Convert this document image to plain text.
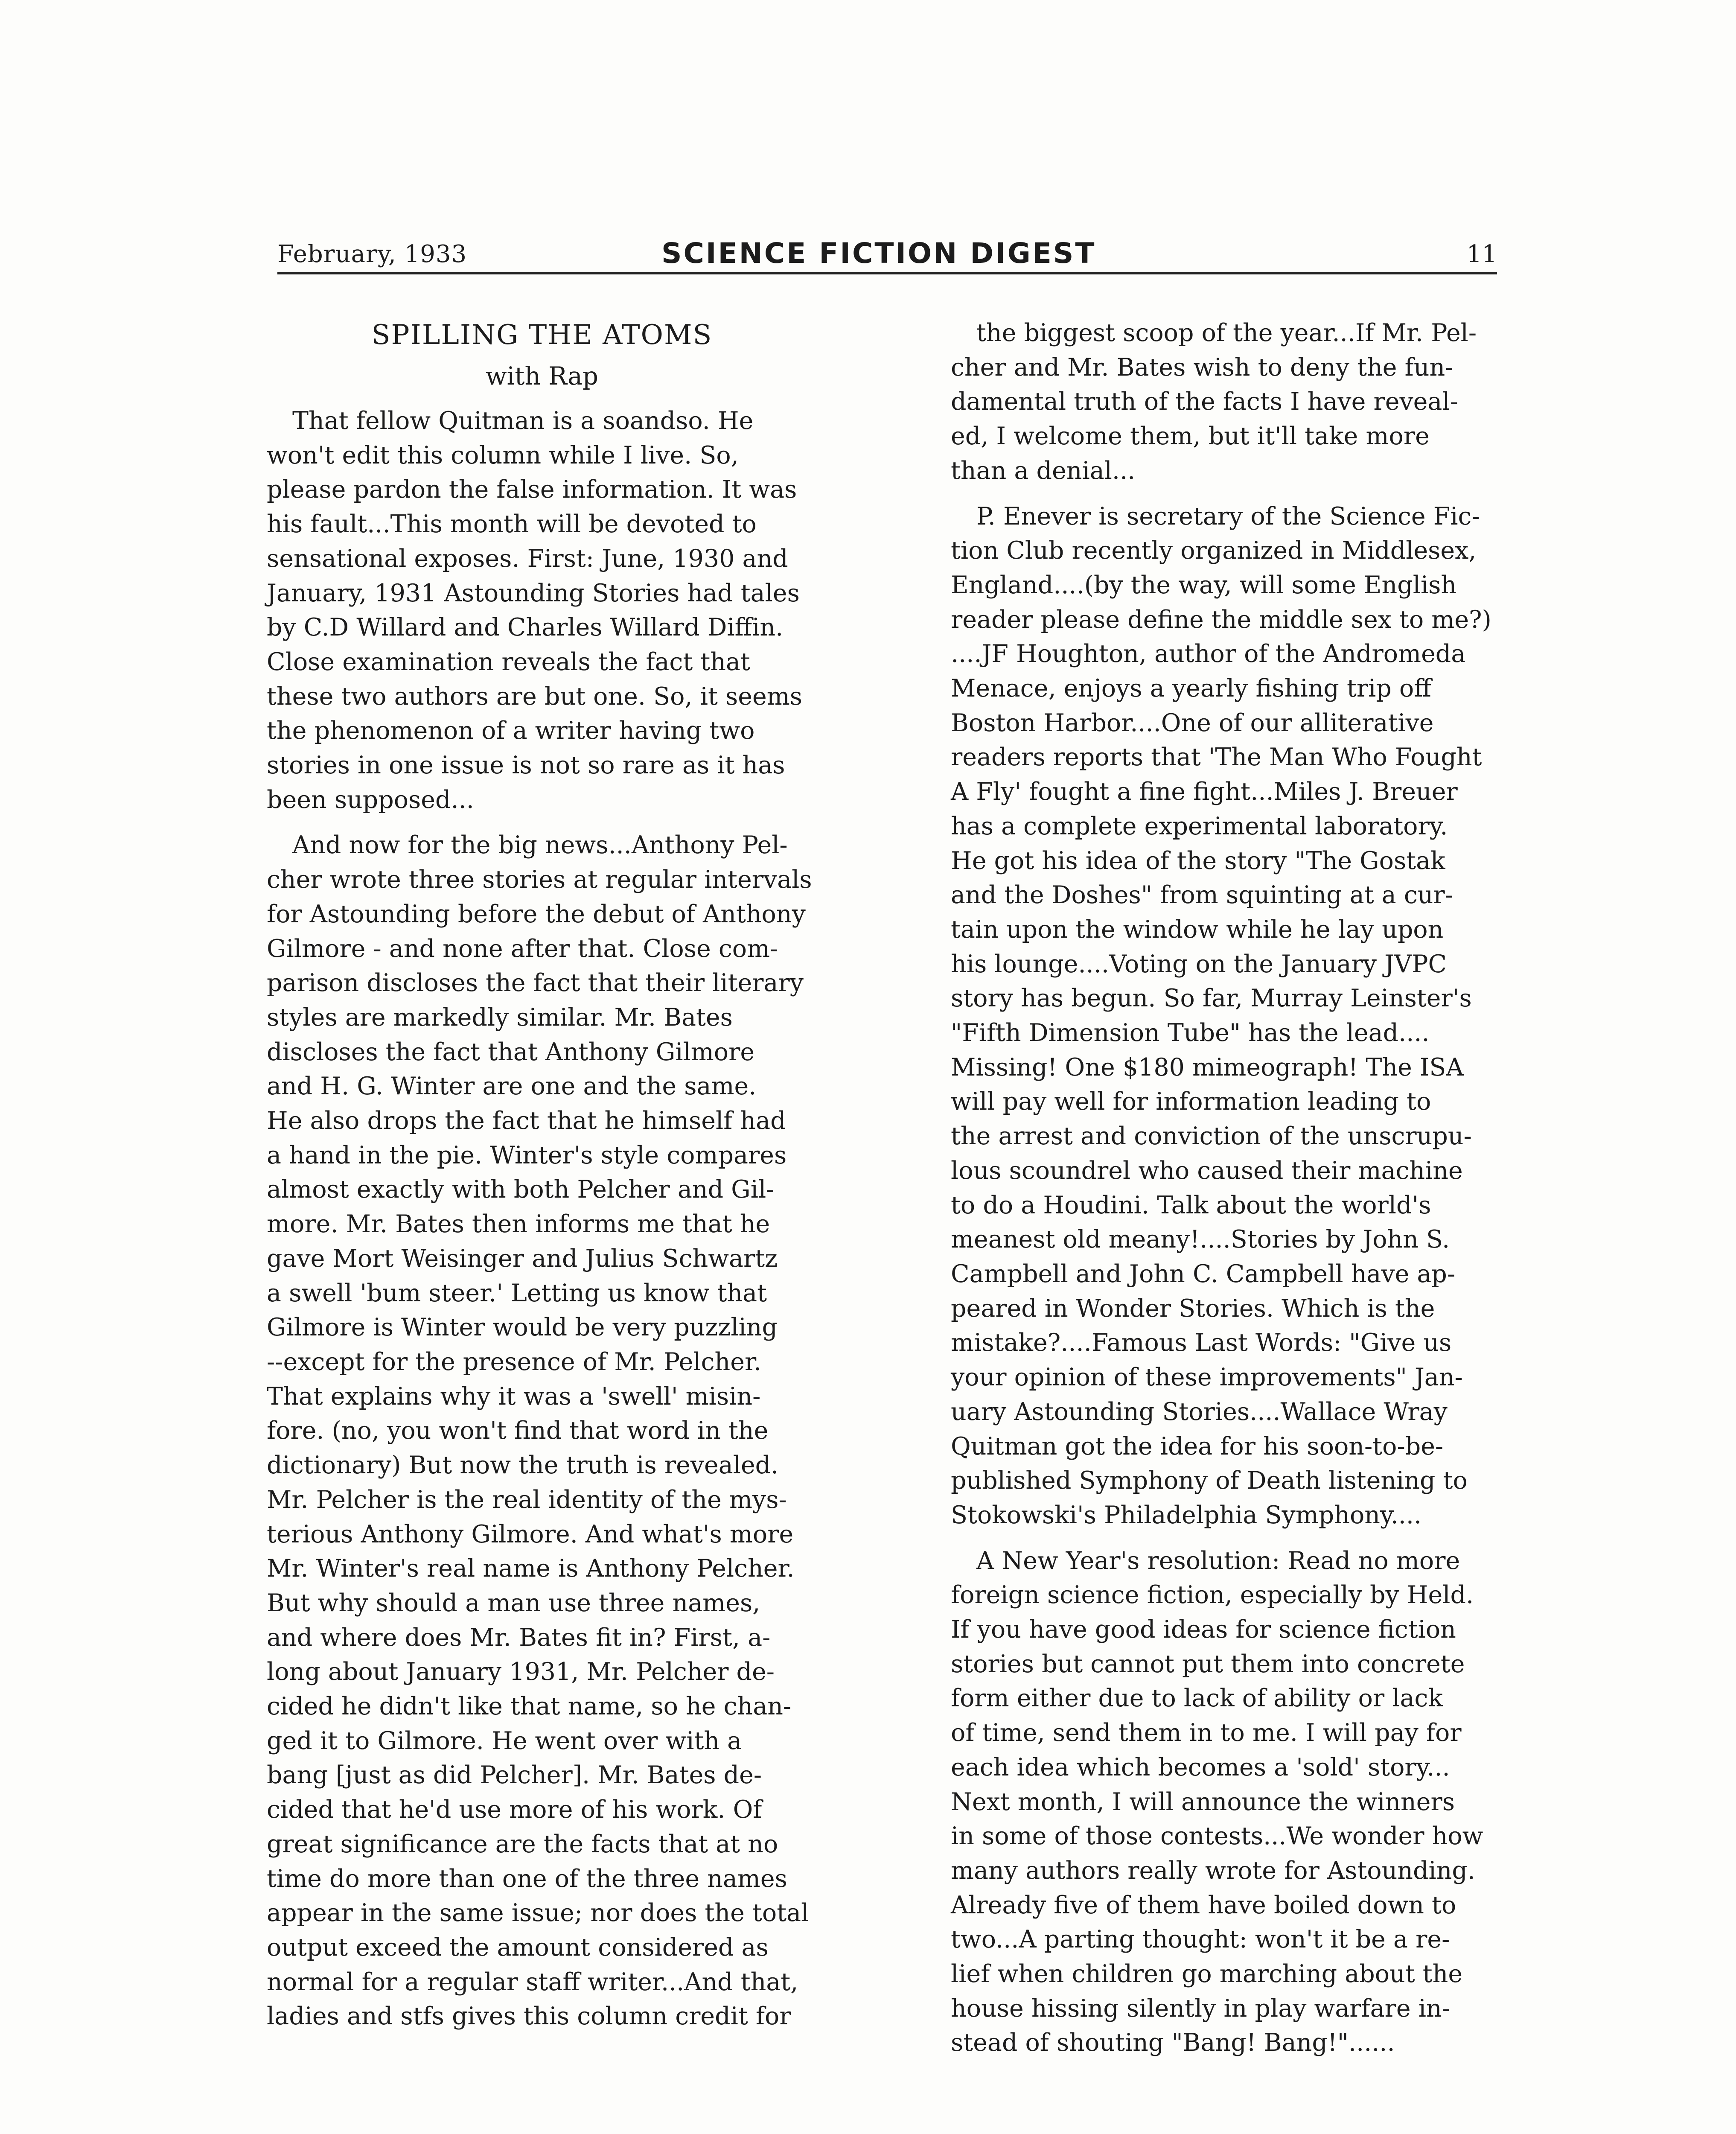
February, 1933	SCIENCE FICTION DIGEST	11
SPILLING THE ATOMS
with Rap

That fellow Quitman is a soandso. He

won't edit this column while I live. So,

please pardon the false information. It was

his fault...This month will be devoted to

sensational exposes. First: June, 1930 and

January, 1931 Astounding Stories had tales

by C.D Willard and Charles Willard Diffin.

Close examination reveals the fact that

these two authors are but one. So, it seems

the phenomenon of a writer having two

stories in one issue is not so rare as it has

been supposed...

And now for the big news...Anthony Pel-

cher wrote three stories at regular intervals

for Astounding before the debut of Anthony

Gilmore - and none after that. Close com-

parison discloses the fact that their literary

styles are markedly similar. Mr. Bates

discloses the fact that Anthony Gilmore

and H. G. Winter are one and the same.

He also drops the fact that he himself had

a hand in the pie. Winter's style compares

almost exactly with both Pelcher and Gil-

more. Mr. Bates then informs me that he

gave Mort Weisinger and Julius Schwartz

a swell 'bum steer.' Letting us know that

Gilmore is Winter would be very puzzling

--except for the presence of Mr. Pelcher.

That explains why it was a 'swell' misin-

fore. (no, you won't find that word in the

dictionary) But now the truth is revealed.

Mr. Pelcher is the real identity of the mys-

terious Anthony Gilmore. And what's more

Mr. Winter's real name is Anthony Pelcher.

But why should a man use three names,

and where does Mr. Bates fit in? First, a-

long about January 1931, Mr. Pelcher de-

cided he didn't like that name, so he chan-

ged it to Gilmore. He went over with a

bang [just as did Pelcher]. Mr. Bates de-

cided that he'd use more of his work. Of

great significance are the facts that at no

time do more than one of the three names

appear in the same issue; nor does the total

output exceed the amount considered as

normal for a regular staff writer...And that,

ladies and stfs gives this column credit for

the biggest scoop of the year...If Mr. Pel-

cher and Mr. Bates wish to deny the fun-

damental truth of the facts I have reveal-

ed, I welcome them, but it'll take more

than a denial...

P. Enever is secretary of the Science Fic-

tion Club recently organized in Middlesex,

England....(by the way, will some English

reader please define the middle sex to me?)

....JF Houghton, author of the Andromeda

Menace, enjoys a yearly fishing trip off

Boston Harbor....One of our alliterative

readers reports that 'The Man Who Fought

A Fly' fought a fine fight...Miles J. Breuer

has a complete experimental laboratory.

He got his idea of the story "The Gostak

and the Doshes" from squinting at a cur-

tain upon the window while he lay upon

his lounge....Voting on the January JVPC

story has begun. So far, Murray Leinster's

"Fifth Dimension Tube" has the lead....

Missing! One $180 mimeograph! The ISA

will pay well for information leading to

the arrest and conviction of the unscrupu-

lous scoundrel who caused their machine

to do a Houdini. Talk about the world's

meanest old meany!....Stories by John S.

Campbell and John C. Campbell have ap-

peared in Wonder Stories. Which is the

mistake?....Famous Last Words: "Give us

your opinion of these improvements" Jan-

uary Astounding Stories....Wallace Wray

Quitman got the idea for his soon-to-be-

published Symphony of Death listening to

Stokowski's Philadelphia Symphony....

A New Year's resolution: Read no more

foreign science fiction, especially by Held.

If you have good ideas for science fiction

stories but cannot put them into concrete

form either due to lack of ability or lack

of time, send them in to me. I will pay for

each idea which becomes a 'sold' story...

Next month, I will announce the winners

in some of those contests...We wonder how

many authors really wrote for Astounding.

Already five of them have boiled down to

two...A parting thought: won't it be a re-

lief when children go marching about the

house hissing silently in play warfare in-

stead of shouting "Bang! Bang!"......
